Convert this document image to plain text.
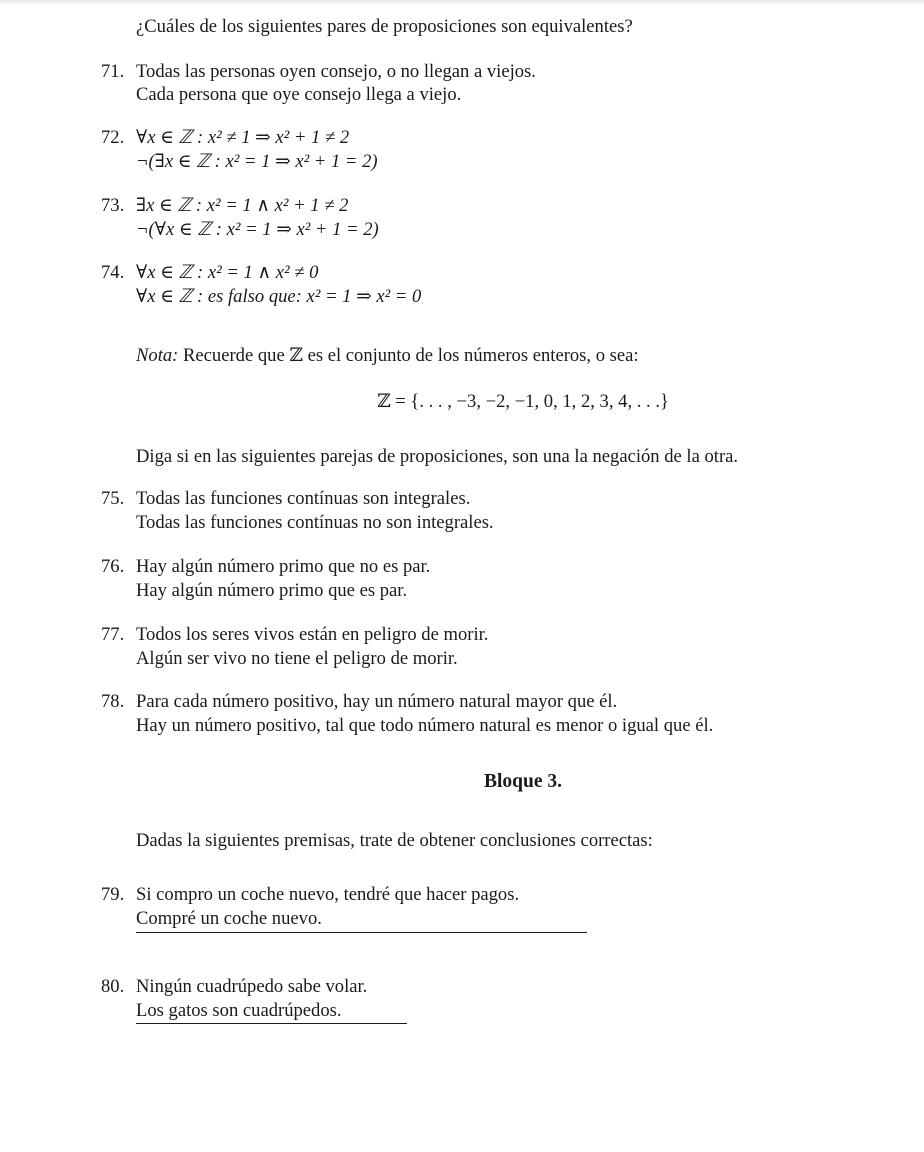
¿Cuáles de los siguientes pares de proposiciones son equivalentes?
71. Todas las personas oyen consejo, o no llegan a viejos.
Cada persona que oye consejo llega a viejo.
72. ∀x ∈ ℤ : x² ≠ 1 ⇒ x² + 1 ≠ 2
¬(∃x ∈ ℤ : x² = 1 ⇒ x² + 1 = 2)
73. ∃x ∈ ℤ : x² = 1 ∧ x² + 1 ≠ 2
¬(∀x ∈ ℤ : x² = 1 ⇒ x² + 1 = 2)
74. ∀x ∈ ℤ : x² = 1 ∧ x² ≠ 0
∀x ∈ ℤ : es falso que: x² = 1 ⇒ x² = 0
Nota: Recuerde que ℤ es el conjunto de los números enteros, o sea:
ℤ = {. . . , −3, −2, −1, 0, 1, 2, 3, 4, . . .}
Diga si en las siguientes parejas de proposiciones, son una la negación de la otra.
75. Todas las funciones contínuas son integrales.
Todas las funciones contínuas no son integrales.
76. Hay algún número primo que no es par.
Hay algún número primo que es par.
77. Todos los seres vivos están en peligro de morir.
Algún ser vivo no tiene el peligro de morir.
78. Para cada número positivo, hay un número natural mayor que él.
Hay un número positivo, tal que todo número natural es menor o igual que él.
Bloque 3.
Dadas la siguientes premisas, trate de obtener conclusiones correctas:
79. Si compro un coche nuevo, tendré que hacer pagos.
Compré un coche nuevo.
80. Ningún cuadrúpedo sabe volar.
Los gatos son cuadrúpedos.
